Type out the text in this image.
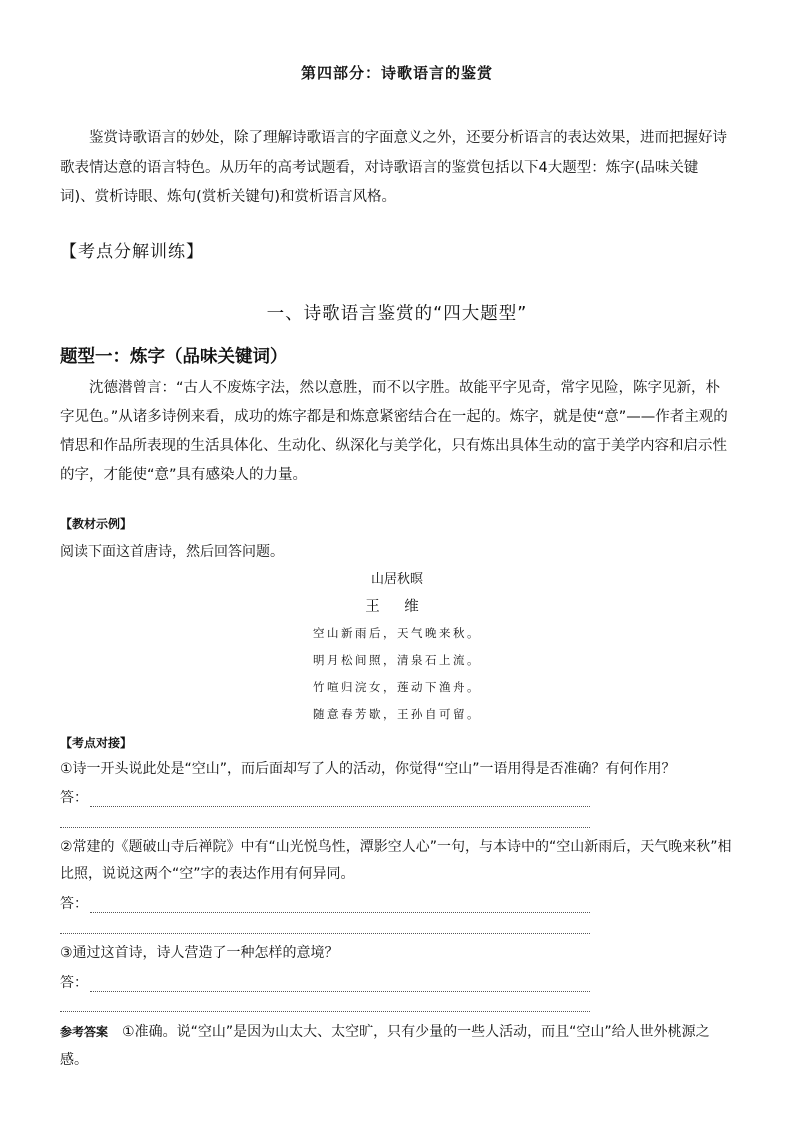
第四部分：诗歌语言的鉴赏

鉴赏诗歌语言的妙处，除了理解诗歌语言的字面意义之外，还要分析语言的表达效果，进而把握好诗歌表情达意的语言特色。从历年的高考试题看，对诗歌语言的鉴赏包括以下4大题型：炼字(品味关键词)、赏析诗眼、炼句(赏析关键句)和赏析语言风格。

【考点分解训练】
一、诗歌语言鉴赏的“四大题型”
题型一：炼字（品味关键词）

沈德潜曾言：“古人不废炼字法，然以意胜，而不以字胜。故能平字见奇，常字见险，陈字见新，朴字见色。”从诸多诗例来看，成功的炼字都是和炼意紧密结合在一起的。炼字，就是使“意”——作者主观的情思和作品所表现的生活具体化、生动化、纵深化与美学化，只有炼出具体生动的富于美学内容和启示性的字，才能使“意”具有感染人的力量。

【教材示例】
阅读下面这首唐诗，然后回答问题。
山居秋暝
王 维
空山新雨后，天气晚来秋。
明月松间照，清泉石上流。
竹喧归浣女，莲动下渔舟。
随意春芳歇，王孙自可留。
【考点对接】
①诗一开头说此处是“空山”，而后面却写了人的活动，你觉得“空山”一语用得是否准确？有何作用？
答：
②常建的《题破山寺后禅院》中有“山光悦鸟性，潭影空人心”一句，与本诗中的“空山新雨后，天气晚来秋”相比照，说说这两个“空”字的表达作用有何异同。
答：
③通过这首诗，诗人营造了一种怎样的意境？
答：
参考答案 ①准确。说“空山”是因为山太大、太空旷，只有少量的一些人活动，而且“空山”给人世外桃源之感。
